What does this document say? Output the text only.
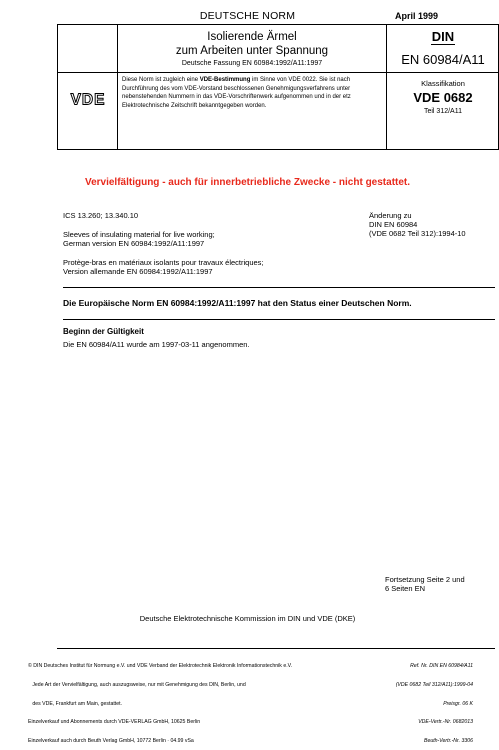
DEUTSCHE NORM	April 1999
Isolierende Ärmel
zum Arbeiten unter Spannung
Deutsche Fassung EN 60984:1992/A11:1997
DIN
EN 60984/A11
VDE
Diese Norm ist zugleich eine VDE-Bestimmung im Sinne von VDE 0022. Sie ist nach Durchführung des vom VDE-Vorstand beschlossenen Genehmigungsverfahrens unter nebenstehenden Nummern in das VDE-Vorschriftenwerk aufgenommen und in der etz Elektrotechnische Zeitschrift bekanntgegeben worden.
Klassifikation
VDE 0682
Teil 312/A11
Vervielfältigung - auch für innerbetriebliche Zwecke - nicht gestattet.
ICS 13.260; 13.340.10	Änderung zu
DIN EN 60984
(VDE 0682 Teil 312):1994-10
Sleeves of insulating material for live working;
German version EN 60984:1992/A11:1997
Protège-bras en matériaux isolants pour travaux électriques;
Version allemande EN 60984:1992/A11:1997
Die Europäische Norm EN 60984:1992/A11:1997 hat den Status einer Deutschen Norm.
Beginn der Gültigkeit
Die EN 60984/A11 wurde am 1997-03-11 angenommen.
Fortsetzung Seite 2 und
6 Seiten EN
Deutsche Elektrotechnische Kommission im DIN und VDE (DKE)

© DIN Deutsches Institut für Normung e.V. und VDE Verband der Elektrotechnik Elektronik Informationstechnik e.V.

Jede Art der Vervielfältigung, auch auszugsweise, nur mit Genehmigung des DIN, Berlin, und

des VDE, Frankfurt am Main, gestattet.

Einzelverkauf und Abonnements durch VDE-VERLAG GmbH, 10625 Berlin

Einzelverkauf auch durch Beuth Verlag GmbH, 10772 Berlin · 04.99 vSa

Ref. Nr. DIN EN 60984/A11

(VDE 0682 Teil 312/A11):1999-04

Preisgr. 06 K

VDE-Vertr.-Nr. 0682013

Beuth-Vertr.-Nr. 3306
